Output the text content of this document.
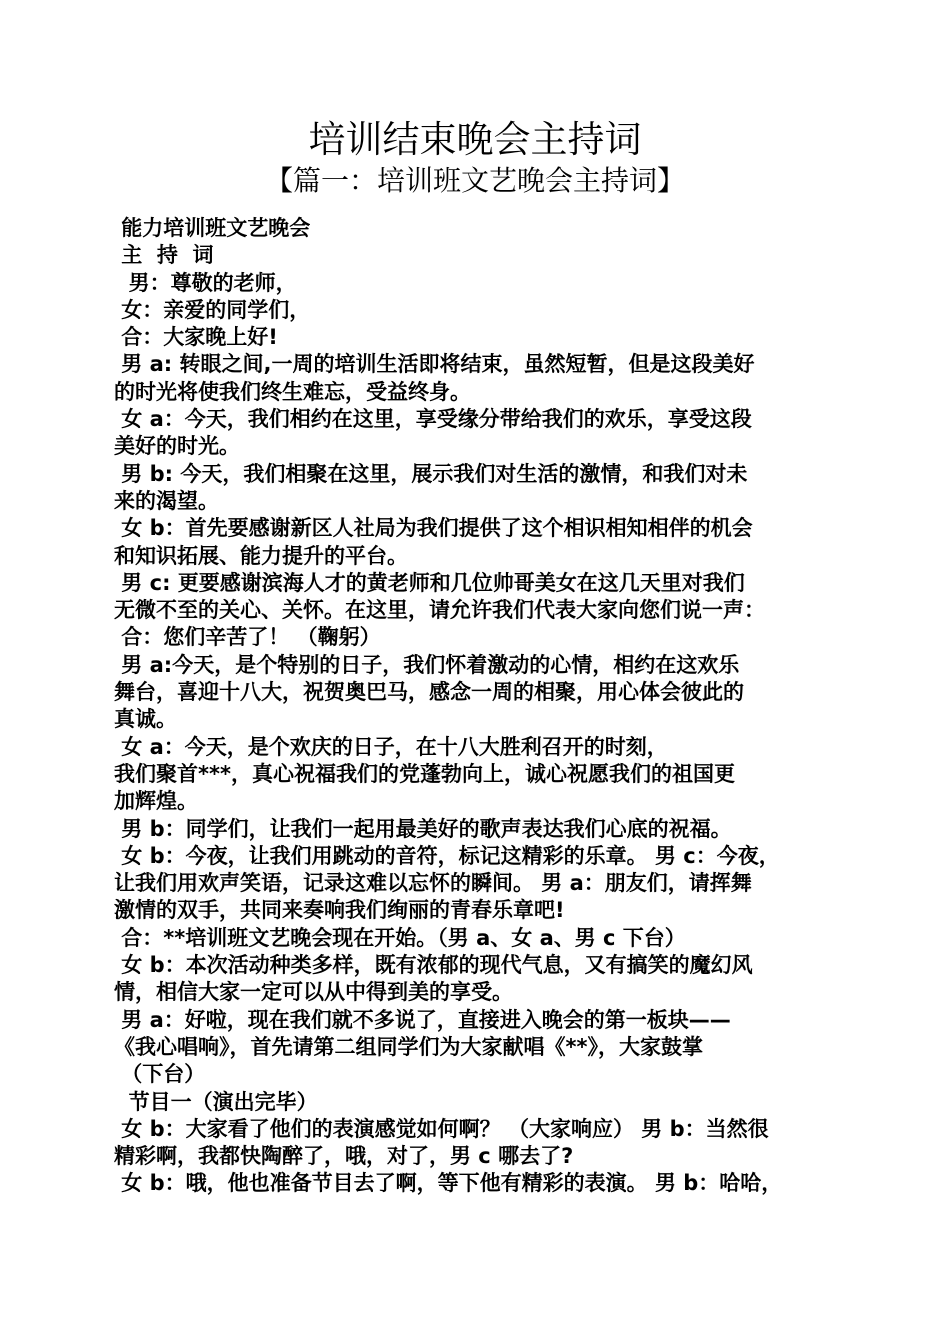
培训结束晚会主持词
【篇一：培训班文艺晚会主持词】
能力培训班文艺晚会
主  持  词
男：尊敬的老师，
女：亲爱的同学们，
合：大家晚上好!
男 a: 转眼之间,一周的培训生活即将结束，虽然短暂，但是这段美好
的时光将使我们终生难忘，受益终身。
女 a：今天，我们相约在这里，享受缘分带给我们的欢乐，享受这段
美好的时光。
男 b: 今天，我们相聚在这里，展示我们对生活的激情，和我们对未
来的渴望。
女 b：首先要感谢新区人社局为我们提供了这个相识相知相伴的机会
和知识拓展、能力提升的平台。
男 c: 更要感谢滨海人才的黄老师和几位帅哥美女在这几天里对我们
无微不至的关心、关怀。在这里，请允许我们代表大家向您们说一声：
合：您们辛苦了！ （鞠躬）
男 a:今天，是个特别的日子，我们怀着激动的心情，相约在这欢乐
舞台，喜迎十八大，祝贺奥巴马，感念一周的相聚，用心体会彼此的
真诚。
女 a：今天，是个欢庆的日子，在十八大胜利召开的时刻，
我们聚首***，真心祝福我们的党蓬勃向上，诚心祝愿我们的祖国更
加辉煌。
男 b：同学们，让我们一起用最美好的歌声表达我们心底的祝福。
女 b：今夜，让我们用跳动的音符，标记这精彩的乐章。 男 c：今夜，
让我们用欢声笑语，记录这难以忘怀的瞬间。 男 a：朋友们，请挥舞
激情的双手，共同来奏响我们绚丽的青春乐章吧!
合：**培训班文艺晚会现在开始。（男 a、女 a、男 c 下台）
女 b：本次活动种类多样，既有浓郁的现代气息，又有搞笑的魔幻风
情，相信大家一定可以从中得到美的享受。
男 a：好啦，现在我们就不多说了，直接进入晚会的第一板块——
《我心唱响》，首先请第二组同学们为大家献唱《**》，大家鼓掌
（下台）
节目一（演出完毕）
女 b：大家看了他们的表演感觉如何啊？ （大家响应） 男 b：当然很
精彩啊，我都快陶醉了，哦，对了，男 c 哪去了?
女 b：哦，他也准备节目去了啊，等下他有精彩的表演。 男 b：哈哈，
